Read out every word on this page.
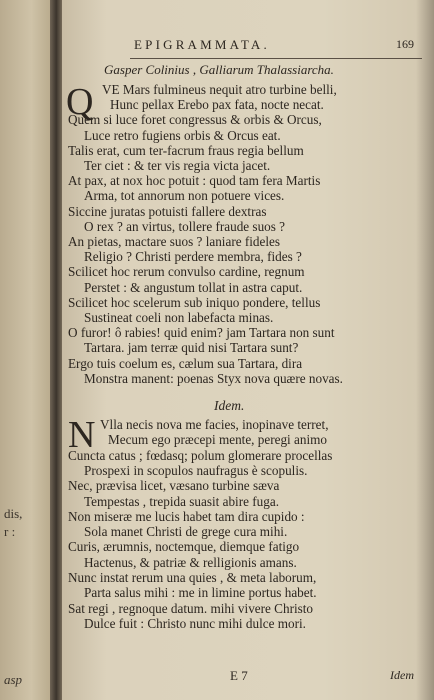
dis,
r :
asp
EPIGRAMMATA.	169
Gasper Colinius , Galliarum Thalassiarcha.
Q VE Mars fulmineus nequit atro turbine belli,
Hunc pellax Erebo pax fata, nocte necat.
Quem si luce foret congressus & orbis & Orcus,
Luce retro fugiens orbis & Orcus eat.
Talis erat, cum ter-facrum fraus regia bellum
Ter ciet : & ter vis regia victa jacet.
At pax, at nox hoc potuit : quod tam fera Martis
Arma, tot annorum non potuere vices.
Siccine juratas potuisti fallere dextras
O rex ? an virtus, tollere fraude suos ?
An pietas, mactare suos ? laniare fideles
Religio ? Christi perdere membra, fides ?
Scilicet hoc rerum convulso cardine, regnum
Perstet : & angustum tollat in astra caput.
Scilicet hoc scelerum sub iniquo pondere, tellus
Sustineat coeli non labefacta minas.
O furor! ô rabies! quid enim? jam Tartara non sunt
Tartara. jam terræ quid nisi Tartara sunt?
Ergo tuis coelum es, cælum sua Tartara, dira
Monstra manent: poenas Styx nova quære novas.
Idem.
N Vlla necis nova me facies, inopinave terret,
Mecum ego præcepi mente, peregi animo
Cuncta catus ; fœdasq; polum glomerare procellas
Prospexi in scopulos naufragus è scopulis.
Nec, prævisa licet, væsano turbine sæva
Tempestas , trepida suasit abire fuga.
Non miseræ me lucis habet tam dira cupido :
Sola manet Christi de grege cura mihi.
Curis, ærumnis, noctemque, diemque fatigo
Hactenus, & patriæ & relligionis amans.
Nunc instat rerum una quies , & meta laborum,
Parta salus mihi : me in limine portus habet.
Sat regi , regnoque datum. mihi vivere Christo
Dulce fuit : Christo nunc mihi dulce mori.
E 7	Idem
